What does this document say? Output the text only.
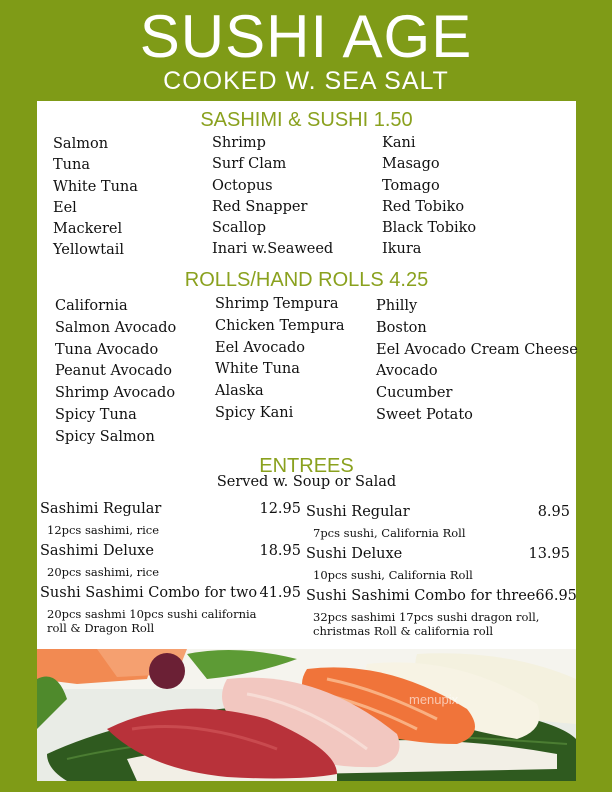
SUSHI AGE
COOKED W. SEA SALT
SASHIMI & SUSHI 1.50
Salmon
Tuna
White Tuna
Eel
Mackerel
Yellowtail
Shrimp
Surf Clam
Octopus
Red Snapper
Scallop
Inari w.Seaweed
Kani
Masago
Tomago
Red Tobiko
Black Tobiko
Ikura
ROLLS/HAND ROLLS 4.25
California
Salmon Avocado
Tuna Avocado
Peanut Avocado
Shrimp Avocado
Spicy Tuna
Spicy Salmon
Shrimp Tempura
Chicken Tempura
Eel Avocado
White Tuna
Alaska
Spicy Kani
Philly
Boston
Eel Avocado Cream Cheese
Avocado
Cucumber
Sweet Potato
ENTREES
Served w. Soup or Salad
Sashimi Regular	12.95
12pcs sashimi, rice
Sashimi Deluxe	18.95
20pcs sashimi, rice
Sushi Sashimi Combo for two 41.95
20pcs sashmi 10pcs sushi california
roll & Dragon Roll
Sushi Regular	8.95
7pcs sushi, California Roll
Sushi Deluxe	13.95
10pcs sushi, California Roll
Sushi Sashimi Combo for three 66.95
32pcs sashimi 17pcs sushi dragon roll,
christmas Roll & california roll
menupix
